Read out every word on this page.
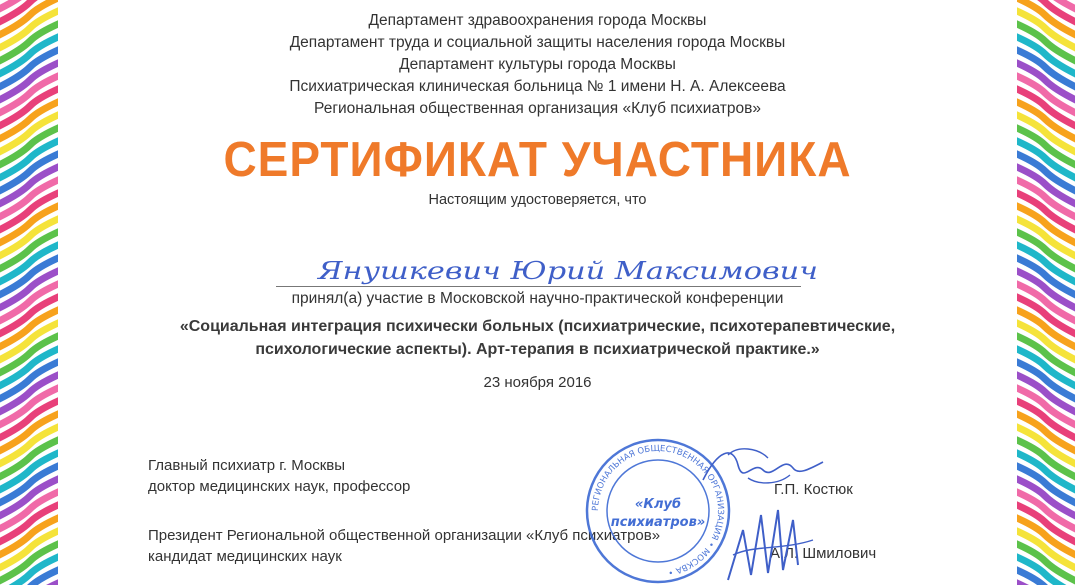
Департамент здравоохранения города Москвы
Департамент труда и социальной защиты населения города Москвы
Департамент культуры города Москвы
Психиатрическая клиническая больница № 1 имени Н. А. Алексеева
Региональная общественная организация «Клуб психиатров»
СЕРТИФИКАТ УЧАСТНИКА
Настоящим удостоверяется, что
Янушкевич Юрий Максимович
принял(а) участие в Московской научно-практической конференции
«Социальная интеграция психически больных (психиатрические, психотерапевтические,
психологические аспекты). Арт-терапия в психиатрической практике.»
23 ноября 2016
Главный психиатр г. Москвы
доктор медицинских наук, профессор	Г.П. Костюк
Президент Региональной общественной организации «Клуб психиатров»
кандидат медицинских наук	А.Л. Шмилович
РЕГИОНАЛЬНАЯ ОБЩЕСТВЕННАЯ ОРГАНИЗАЦИЯ • МОСКВА •
«Клуб
психиатров»
